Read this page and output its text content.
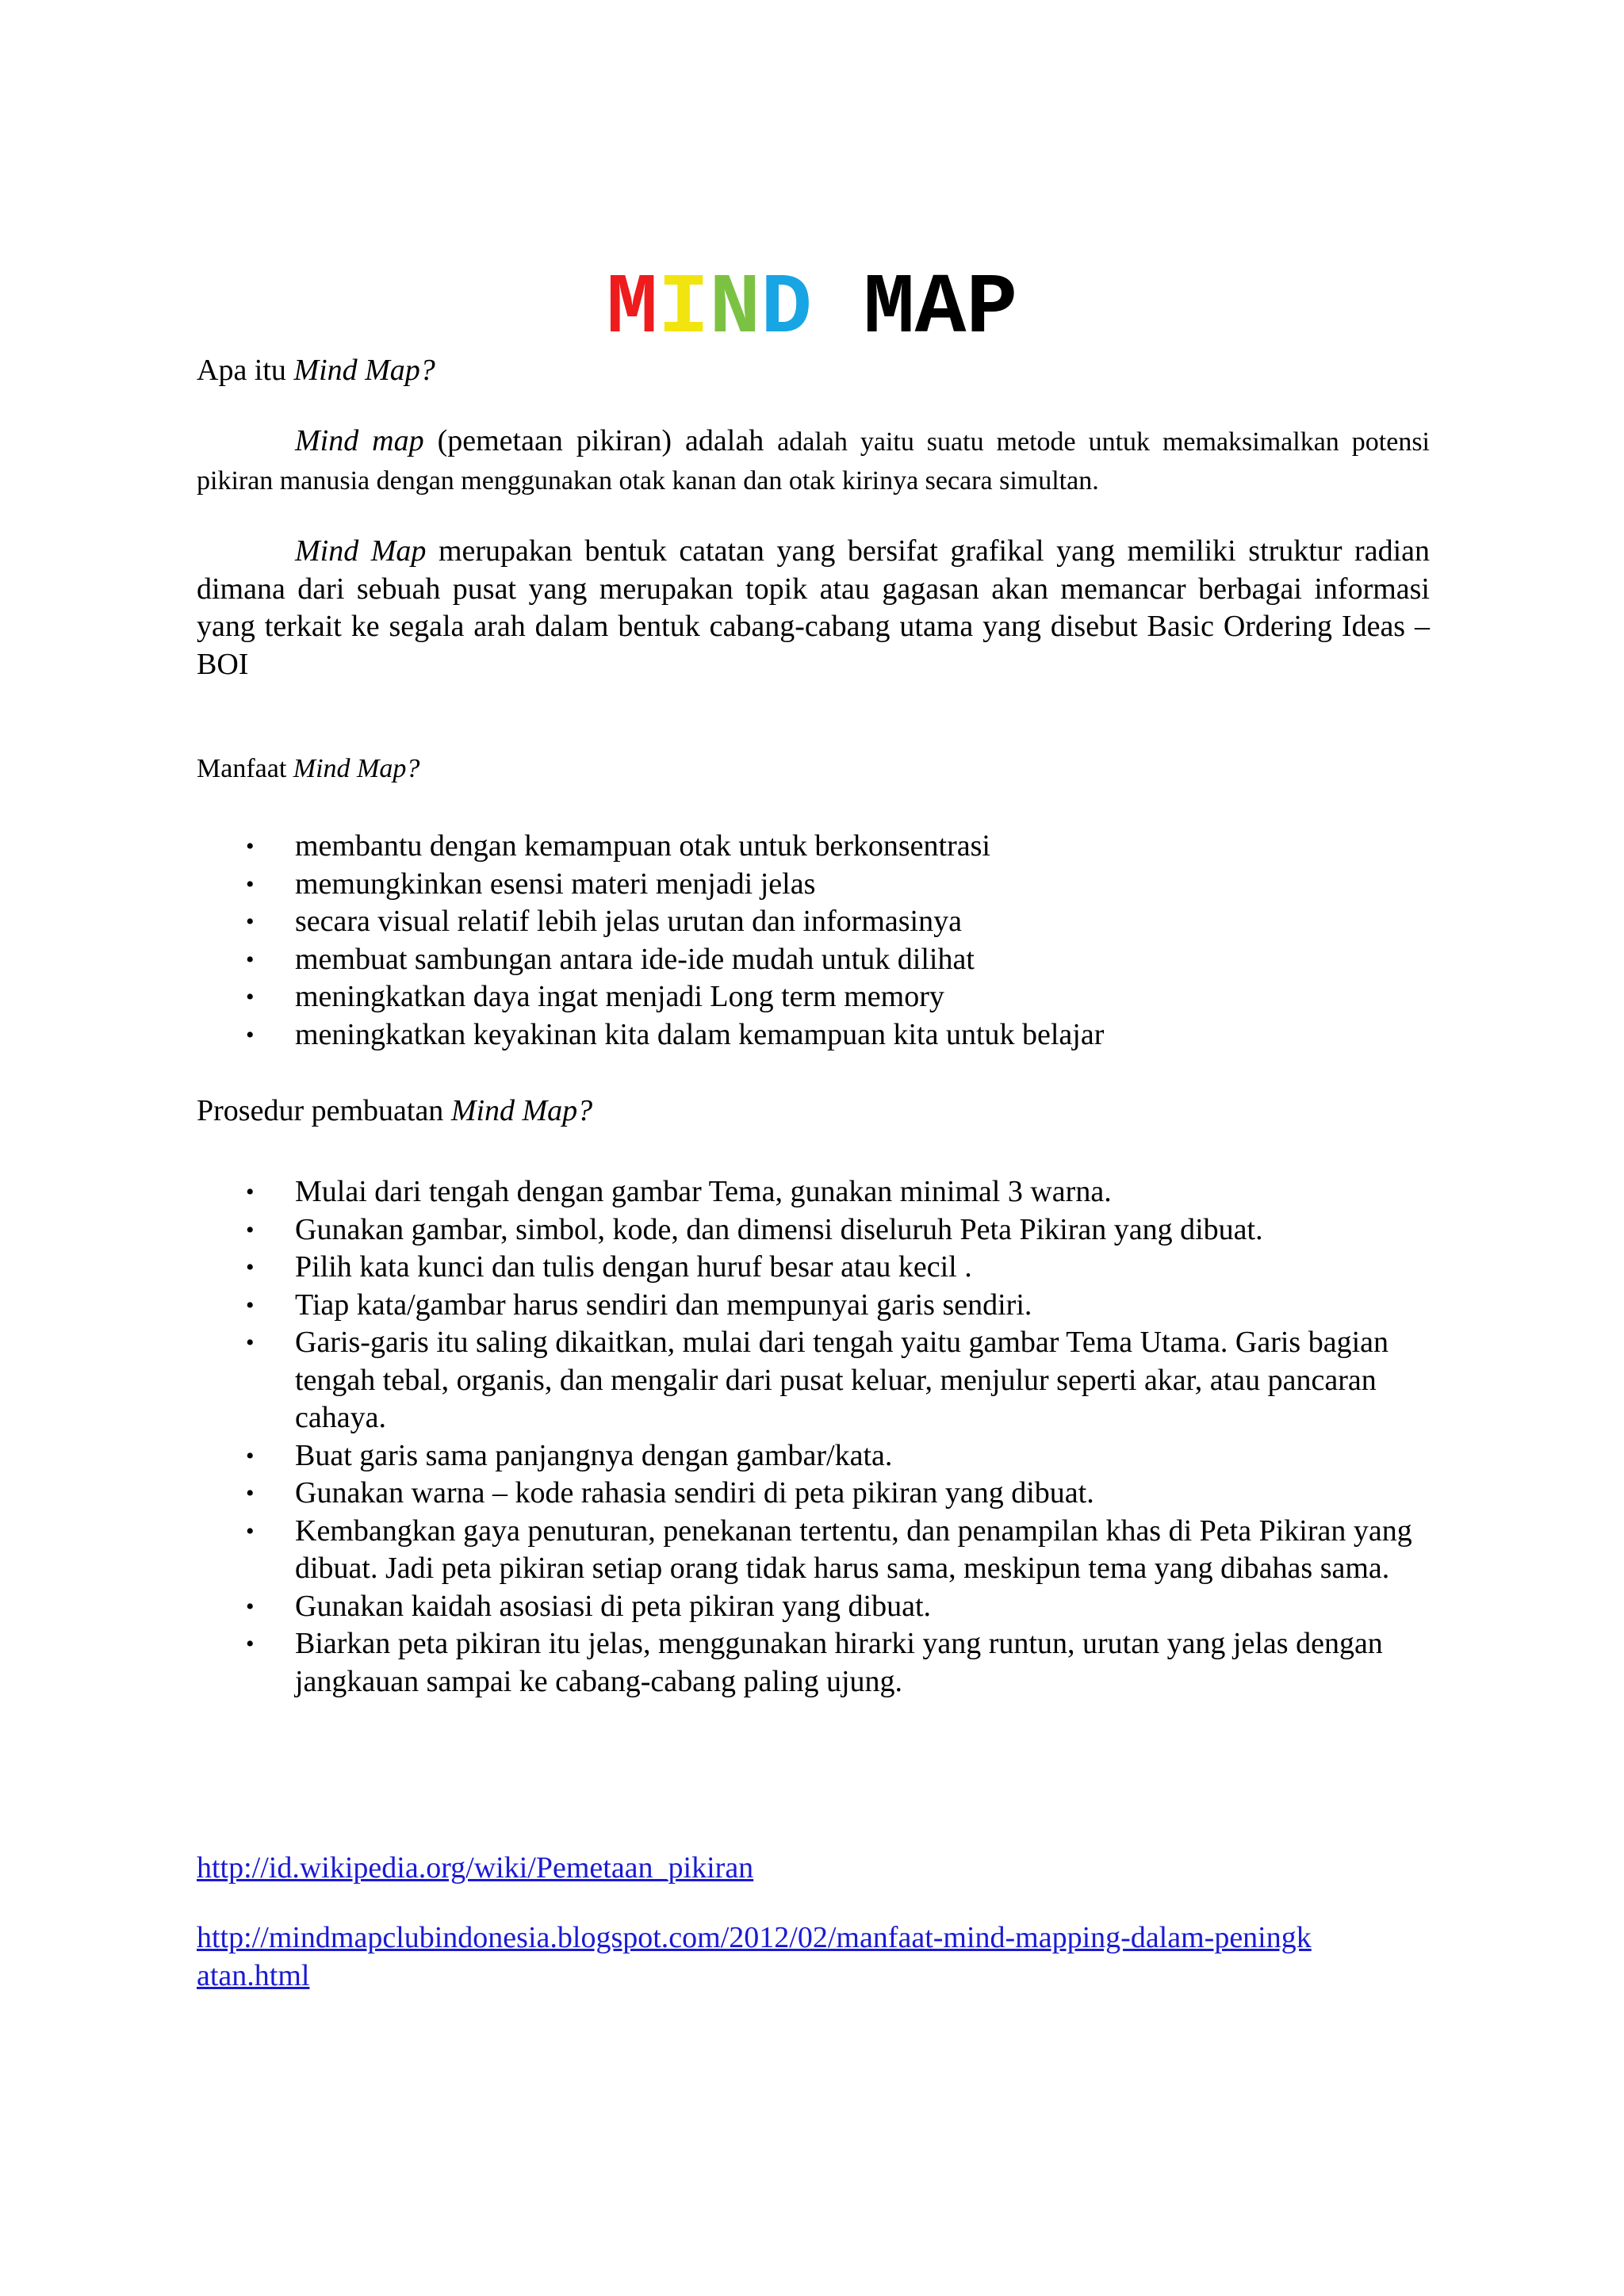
MIND MAP

Apa itu Mind Map?

Mind map (pemetaan pikiran) adalah adalah yaitu suatu metode untuk memaksimalkan potensi pikiran manusia dengan menggunakan otak kanan dan otak kirinya secara simultan.

Mind Map merupakan bentuk catatan yang bersifat grafikal yang memiliki struktur radian dimana dari sebuah pusat yang merupakan topik atau gagasan akan memancar berbagai informasi yang terkait ke segala arah dalam bentuk cabang-cabang utama yang disebut Basic Ordering Ideas – BOI

Manfaat Mind Map?

• membantu dengan kemampuan otak untuk berkonsentrasi
• memungkinkan esensi materi menjadi jelas
• secara visual relatif lebih jelas urutan dan informasinya
• membuat sambungan antara ide-ide mudah untuk dilihat
• meningkatkan daya ingat menjadi Long term memory
• meningkatkan keyakinan kita dalam kemampuan kita untuk belajar

Prosedur pembuatan Mind Map?

• Mulai dari tengah dengan gambar Tema, gunakan minimal 3 warna.
• Gunakan gambar, simbol, kode, dan dimensi diseluruh Peta Pikiran yang dibuat.
• Pilih kata kunci dan tulis dengan huruf besar atau kecil .
• Tiap kata/gambar harus sendiri dan mempunyai garis sendiri.
• Garis-garis itu saling dikaitkan, mulai dari tengah yaitu gambar Tema Utama. Garis bagian tengah tebal, organis, dan mengalir dari pusat keluar, menjulur seperti akar, atau pancaran cahaya.
• Buat garis sama panjangnya dengan gambar/kata.
• Gunakan warna – kode rahasia sendiri di peta pikiran yang dibuat.
• Kembangkan gaya penuturan, penekanan tertentu, dan penampilan khas di Peta Pikiran yang dibuat. Jadi peta pikiran setiap orang tidak harus sama, meskipun tema yang dibahas sama.
• Gunakan kaidah asosiasi di peta pikiran yang dibuat.
• Biarkan peta pikiran itu jelas, menggunakan hirarki yang runtun, urutan yang jelas dengan jangkauan sampai ke cabang-cabang paling ujung.
http://id.wikipedia.org/wiki/Pemetaan_pikiran
http://mindmapclubindonesia.blogspot.com/2012/02/manfaat-mind-mapping-dalam-peningkatan.html
